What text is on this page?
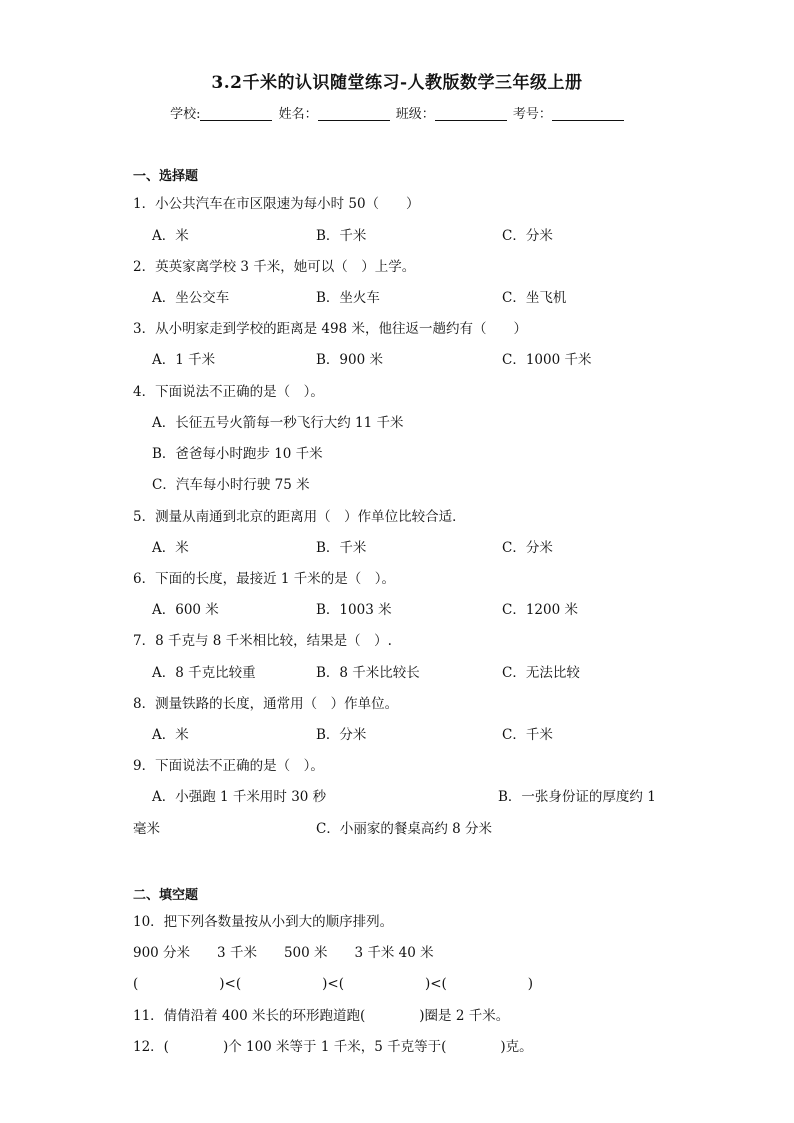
3.2千米的认识随堂练习-人教版数学三年级上册
学校:	姓名：	班级：	考号：
一、选择题
1．小公共汽车在市区限速为每小时 50（　　）
A．米	B．千米	C．分米
2．英英家离学校 3 千米，她可以（　）上学。
A．坐公交车	B．坐火车	C．坐飞机
3．从小明家走到学校的距离是 498 米，他往返一趟约有（　　）
A．1 千米	B．900 米	C．1000 千米
4．下面说法不正确的是（　）。
A．长征五号火箭每一秒飞行大约 11 千米
B．爸爸每小时跑步 10 千米
C．汽车每小时行驶 75 米
5．测量从南通到北京的距离用（　）作单位比较合适．
A．米	B．千米	C．分米
6．下面的长度，最接近 1 千米的是（　）。
A．600 米	B．1003 米	C．1200 米
7．8 千克与 8 千米相比较，结果是（　）.
A．8 千克比较重	B．8 千米比较长	C．无法比较
8．测量铁路的长度，通常用（　）作单位。
A．米	B．分米	C．千米
9．下面说法不正确的是（　）。
A．小强跑 1 千米用时 30 秒	B．一张身份证的厚度约 1
毫米	C．小丽家的餐桌高约 8 分米
二、填空题
10．把下列各数量按从小到大的顺序排列。
900 分米　　3 千米　　500 米　　3 千米 40 米
(　　　　　　)<(　　　　　　)<(　　　　　　)<(　　　　　　)
11．倩倩沿着 400 米长的环形跑道跑(　　　　)圈是 2 千米。
12．(　　　　)个 100 米等于 1 千米，5 千克等于(　　　　)克。
